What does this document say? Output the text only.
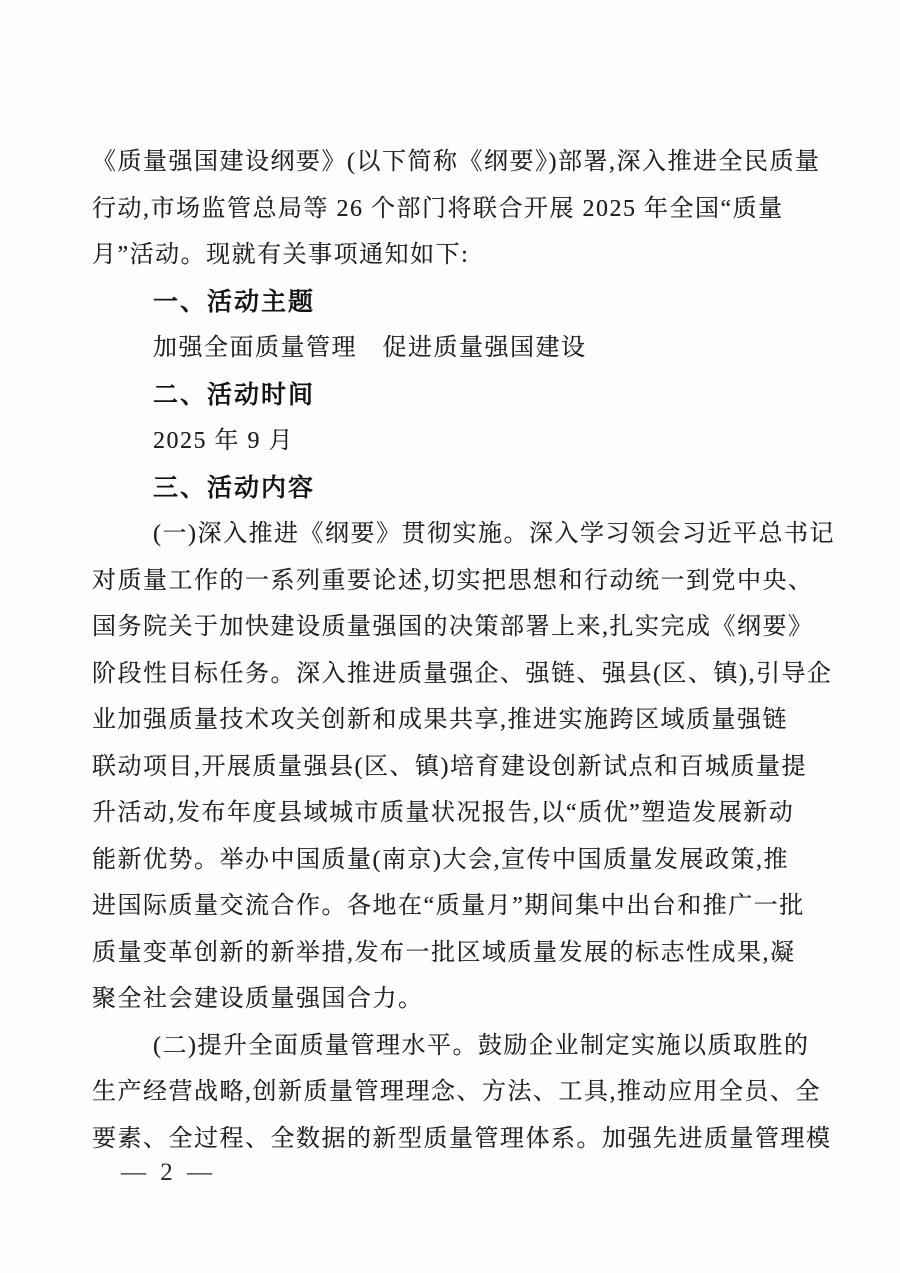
《质量强国建设纲要》(以下简称《纲要》)部署,深入推进全民质量
行动,市场监管总局等 26 个部门将联合开展 2025 年全国“质量
月”活动。现就有关事项通知如下:
一、活动主题
加强全面质量管理　促进质量强国建设
二、活动时间
2025 年 9 月
三、活动内容
(一)深入推进《纲要》贯彻实施。深入学习领会习近平总书记
对质量工作的一系列重要论述,切实把思想和行动统一到党中央、
国务院关于加快建设质量强国的决策部署上来,扎实完成《纲要》
阶段性目标任务。深入推进质量强企、强链、强县(区、镇),引导企
业加强质量技术攻关创新和成果共享,推进实施跨区域质量强链
联动项目,开展质量强县(区、镇)培育建设创新试点和百城质量提
升活动,发布年度县域城市质量状况报告,以“质优”塑造发展新动
能新优势。举办中国质量(南京)大会,宣传中国质量发展政策,推
进国际质量交流合作。各地在“质量月”期间集中出台和推广一批
质量变革创新的新举措,发布一批区域质量发展的标志性成果,凝
聚全社会建设质量强国合力。
(二)提升全面质量管理水平。鼓励企业制定实施以质取胜的
生产经营战略,创新质量管理理念、方法、工具,推动应用全员、全
要素、全过程、全数据的新型质量管理体系。加强先进质量管理模
— 2 —
